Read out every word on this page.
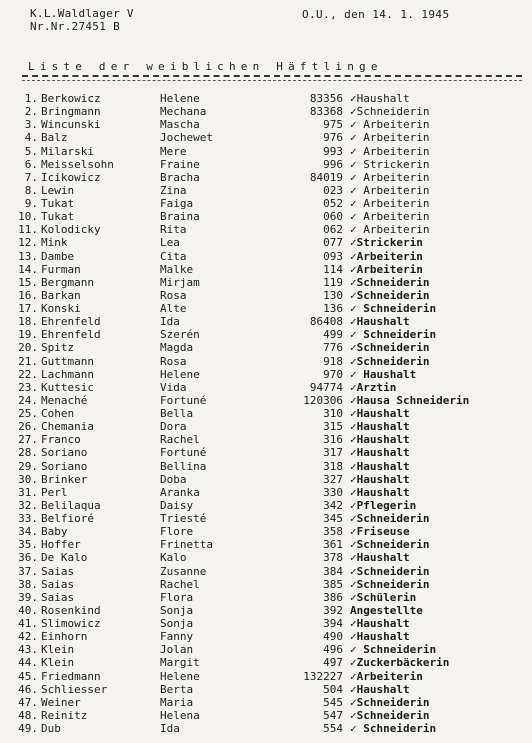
K.L.Waldlager V
Nr.Nr.27451 B
O.U., den 14. 1. 1945
Liste der weiblichen Häftlinge
1. Berkowicz	Helene	83356 ✓Haushalt
2. Bringmann	Mechana	83368 ✓Schneiderin
3. Wincunski	Mascha	975 ✓ Arbeiterin
4. Balz	Jochewet	976 ✓ Arbeiterin
5. Milarski	Mere	993 ✓ Arbeiterin
6. Meisselsohn	Fraine	996 ✓ Strickerin
7. Icikowicz	Bracha	84019 ✓ Arbeiterin
8. Lewin	Zina	023 ✓ Arbeiterin
9. Tukat	Faiga	052 ✓ Arbeiterin
10. Tukat	Braina	060 ✓ Arbeiterin
11. Kolodicky	Rita	062 ✓ Arbeiterin
12. Mink	Lea	077 ✓Strickerin
13. Dambe	Cita	093 ✓Arbeiterin
14. Furman	Malke	114 ✓Arbeiterin
15. Bergmann	Mirjam	119 ✓Schneiderin
16. Barkan	Rosa	130 ✓Schneiderin
17. Konski	Alte	136 ✓ Schneiderin
18. Ehrenfeld	Ida	86408 ✓Haushalt
19. Ehrenfeld	Szerén	499 ✓ Schneiderin
20. Spitz	Magda	776 ✓Schneiderin
21. Guttmann	Rosa	918 ✓Schneiderin
22. Lachmann	Helene	970 ✓ Haushalt
23. Kuttesic	Vida	94774 ✓Arztin
24. Menaché	Fortuné	120306 ✓Hausa Schneiderin
25. Cohen	Bella	310 ✓Haushalt
26. Chemania	Dora	315 ✓Haushalt
27. Franco	Rachel	316 ✓Haushalt
28. Soriano	Fortuné	317 ✓Haushalt
29. Soriano	Bellina	318 ✓Haushalt
30. Brinker	Doba	327 ✓Haushalt
31. Perl	Aranka	330 ✓Haushalt
32. Belilaqua	Daisy	342 ✓Pflegerin
33. Belfioré	Triesté	345 ✓Schneiderin
34. Baby	Flore	358 ✓Friseuse
35. Hoffer	Frinetta	361 ✓Schneiderin
36. De Kalo	Kalo	378 ✓Haushalt
37. Saias	Zusanne	384 ✓Schneiderin
38. Saias	Rachel	385 ✓Schneiderin
39. Saias	Flora	386 ✓Schülerin
40. Rosenkind	Sonja	392 Angestellte
41. Slimowicz	Sonja	394 ✓Haushalt
42. Einhorn	Fanny	490 ✓Haushalt
43. Klein	Jolan	496 ✓ Schneiderin
44. Klein	Margit	497 ✓Zuckerbäckerin
45. Friedmann	Helene	132227 ✓Arbeiterin
46. Schliesser	Berta	504 ✓Haushalt
47. Weiner	Maria	545 ✓Schneiderin
48. Reinitz	Helena	547 ✓Schneiderin
49. Dub	Ida	554 ✓ Schneiderin
